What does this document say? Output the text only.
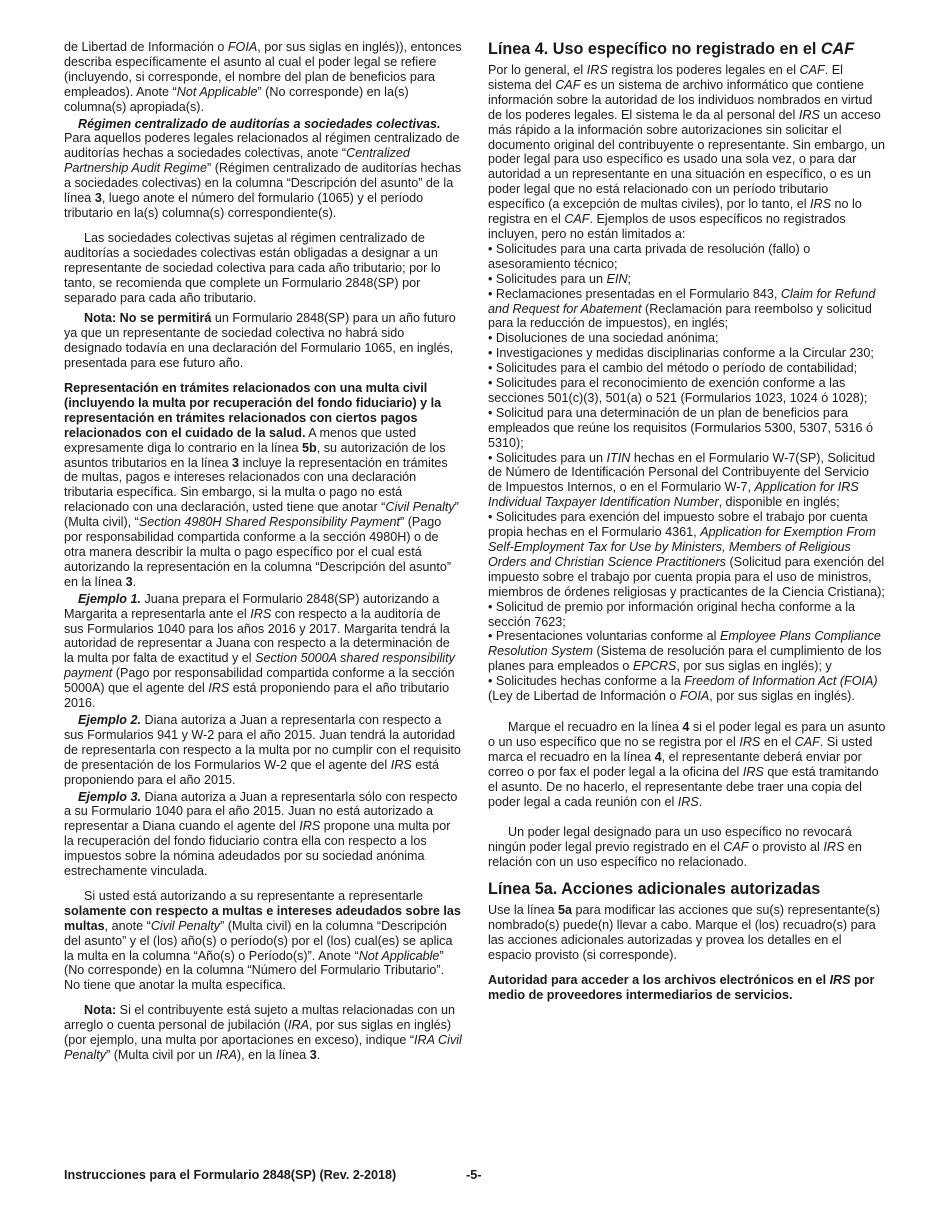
de Libertad de Información o FOIA, por sus siglas en inglés)), entonces describa específicamente el asunto al cual el poder legal se refiere (incluyendo, si corresponde, el nombre del plan de beneficios para empleados). Anote “Not Applicable” (No corresponde) en la(s) columna(s) apropiada(s).

Régimen centralizado de auditorías a sociedades colectivas. Para aquellos poderes legales relacionados al régimen centralizado de auditorías hechas a sociedades colectivas, anote “Centralized Partnership Audit Regime” (Régimen centralizado de auditorías hechas a sociedades colectivas) en la columna “Descripción del asunto” de la línea 3, luego anote el número del formulario (1065) y el período tributario en la(s) columna(s) correspondiente(s).

Las sociedades colectivas sujetas al régimen centralizado de auditorías a sociedades colectivas están obligadas a designar a un representante de sociedad colectiva para cada año tributario; por lo tanto, se recomienda que complete un Formulario 2848(SP) por separado para cada año tributario.

Nota: No se permitirá un Formulario 2848(SP) para un año futuro ya que un representante de sociedad colectiva no habrá sido designado todavía en una declaración del Formulario 1065, en inglés, presentada para ese futuro año.

Representación en trámites relacionados con una multa civil (incluyendo la multa por recuperación del fondo fiduciario) y la representación en trámites relacionados con ciertos pagos relacionados con el cuidado de la salud. A menos que usted expresamente diga lo contrario en la línea 5b, su autorización de los asuntos tributarios en la línea 3 incluye la representación en trámites de multas, pagos e intereses relacionados con una declaración tributaria específica. Sin embargo, si la multa o pago no está relacionado con una declaración, usted tiene que anotar “Civil Penalty” (Multa civil), “Section 4980H Shared Responsibility Payment” (Pago por responsabilidad compartida conforme a la sección 4980H) o de otra manera describir la multa o pago específico por el cual está autorizando la representación en la columna “Descripción del asunto” en la línea 3.

Ejemplo 1. Juana prepara el Formulario 2848(SP) autorizando a Margarita a representarla ante el IRS con respecto a la auditoría de sus Formularios 1040 para los años 2016 y 2017. Margarita tendrá la autoridad de representar a Juana con respecto a la determinación de la multa por falta de exactitud y el Section 5000A shared responsibility payment (Pago por responsabilidad compartida conforme a la sección 5000A) que el agente del IRS está proponiendo para el año tributario 2016.

Ejemplo 2. Diana autoriza a Juan a representarla con respecto a sus Formularios 941 y W-2 para el año 2015. Juan tendrá la autoridad de representarla con respecto a la multa por no cumplir con el requisito de presentación de los Formularios W-2 que el agente del IRS está proponiendo para el año 2015.

Ejemplo 3. Diana autoriza a Juan a representarla sólo con respecto a su Formulario 1040 para el año 2015. Juan no está autorizado a representar a Diana cuando el agente del IRS propone una multa por la recuperación del fondo fiduciario contra ella con respecto a los impuestos sobre la nómina adeudados por su sociedad anónima estrechamente vinculada.

Si usted está autorizando a su representante a representarle solamente con respecto a multas e intereses adeudados sobre las multas, anote “Civil Penalty” (Multa civil) en la columna “Descripción del asunto” y el (los) año(s) o período(s) por el (los) cual(es) se aplica la multa en la columna “Año(s) o Período(s)”. Anote “Not Applicable” (No corresponde) en la columna “Número del Formulario Tributario”. No tiene que anotar la multa específica.

Nota: Si el contribuyente está sujeto a multas relacionadas con un arreglo o cuenta personal de jubilación (IRA, por sus siglas en inglés) (por ejemplo, una multa por aportaciones en exceso), indique “IRA Civil Penalty” (Multa civil por un IRA), en la línea 3.

Línea 4. Uso específico no registrado en el CAF

Por lo general, el IRS registra los poderes legales en el CAF. El sistema del CAF es un sistema de archivo informático que contiene información sobre la autoridad de los individuos nombrados en virtud de los poderes legales. El sistema le da al personal del IRS un acceso más rápido a la información sobre autorizaciones sin solicitar el documento original del contribuyente o representante. Sin embargo, un poder legal para uso específico es usado una sola vez, o para dar autoridad a un representante en una situación en específico, o es un poder legal que no está relacionado con un período tributario específico (a excepción de multas civiles), por lo tanto, el IRS no lo registra en el CAF. Ejemplos de usos específicos no registrados incluyen, pero no están limitados a:

• Solicitudes para una carta privada de resolución (fallo) o asesoramiento técnico;
• Solicitudes para un EIN;
• Reclamaciones presentadas en el Formulario 843, Claim for Refund and Request for Abatement (Reclamación para reembolso y solicitud para la reducción de impuestos), en inglés;
• Disoluciones de una sociedad anónima;
• Investigaciones y medidas disciplinarias conforme a la Circular 230;
• Solicitudes para el cambio del método o período de contabilidad;
• Solicitudes para el reconocimiento de exención conforme a las secciones 501(c)(3), 501(a) o 521 (Formularios 1023, 1024 ó 1028);
• Solicitud para una determinación de un plan de beneficios para empleados que reúne los requisitos (Formularios 5300, 5307, 5316 ó 5310);
• Solicitudes para un ITIN hechas en el Formulario W-7(SP), Solicitud de Número de Identificación Personal del Contribuyente del Servicio de Impuestos Internos, o en el Formulario W-7, Application for IRS Individual Taxpayer Identification Number, disponible en inglés;
• Solicitudes para exención del impuesto sobre el trabajo por cuenta propia hechas en el Formulario 4361, Application for Exemption From Self-Employment Tax for Use by Ministers, Members of Religious Orders and Christian Science Practitioners (Solicitud para exención del impuesto sobre el trabajo por cuenta propia para el uso de ministros, miembros de órdenes religiosas y practicantes de la Ciencia Cristiana);
• Solicitud de premio por información original hecha conforme a la sección 7623;
• Presentaciones voluntarias conforme al Employee Plans Compliance Resolution System (Sistema de resolución para el cumplimiento de los planes para empleados o EPCRS, por sus siglas en inglés); y
• Solicitudes hechas conforme a la Freedom of Information Act (FOIA) (Ley de Libertad de Información o FOIA, por sus siglas en inglés).

Marque el recuadro en la línea 4 si el poder legal es para un asunto o un uso específico que no se registra por el IRS en el CAF. Si usted marca el recuadro en la línea 4, el representante deberá enviar por correo o por fax el poder legal a la oficina del IRS que está tramitando el asunto. De no hacerlo, el representante debe traer una copia del poder legal a cada reunión con el IRS.

Un poder legal designado para un uso específico no revocará ningún poder legal previo registrado en el CAF o provisto al IRS en relación con un uso específico no relacionado.

Línea 5a. Acciones adicionales autorizadas

Use la línea 5a para modificar las acciones que su(s) representante(s) nombrado(s) puede(n) llevar a cabo. Marque el (los) recuadro(s) para las acciones adicionales autorizadas y provea los detalles en el espacio provisto (si corresponde).

Autoridad para acceder a los archivos electrónicos en el IRS por medio de proveedores intermediarios de servicios.

Instrucciones para el Formulario 2848(SP) (Rev. 2-2018)	-5-
